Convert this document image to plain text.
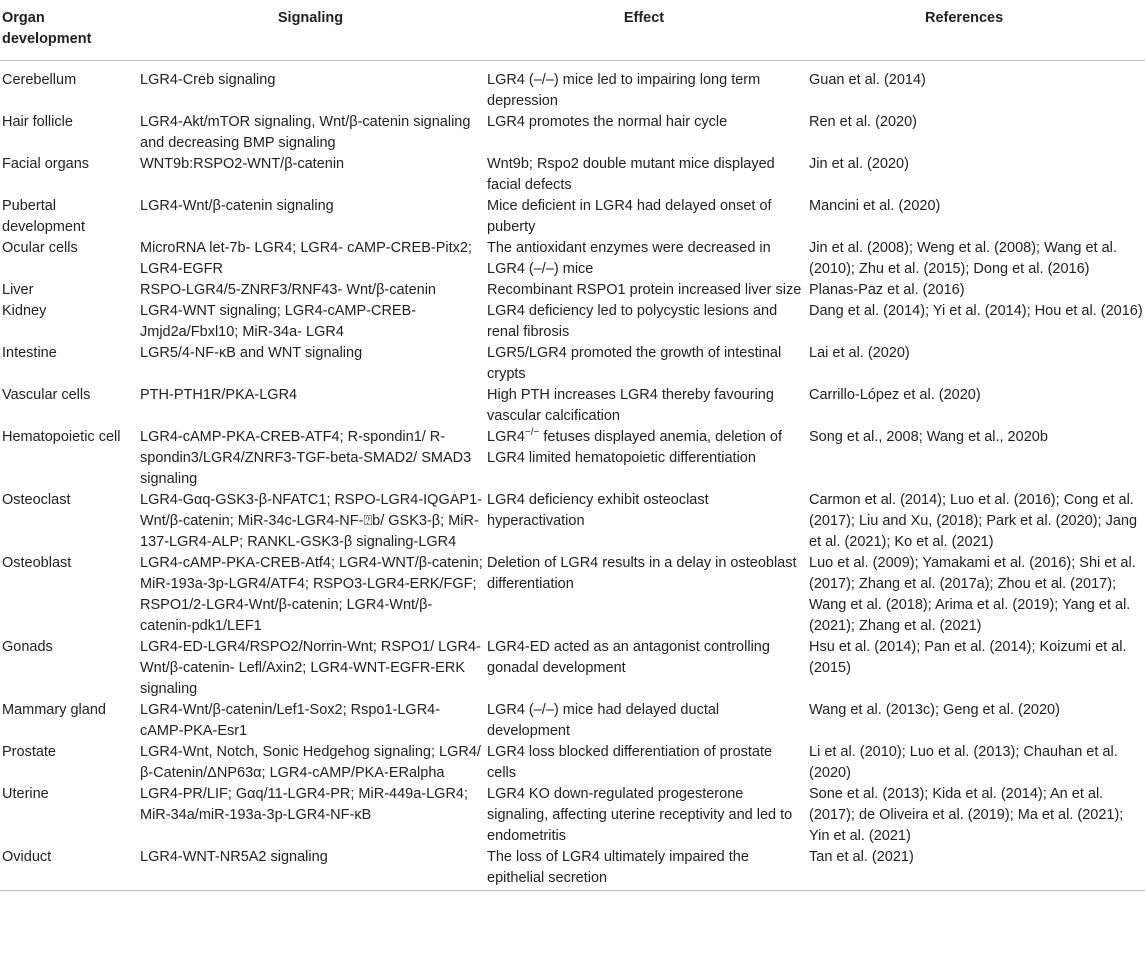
Organ development	Signaling	Effect	References
Cerebellum	LGR4-Creb signaling	LGR4 (–/–) mice led to impairing long term depression	Guan et al. (2014)
Hair follicle	LGR4-Akt/mTOR signaling, Wnt/β-catenin signaling and decreasing BMP signaling	LGR4 promotes the normal hair cycle	Ren et al. (2020)
Facial organs	WNT9b:RSPO2-WNT/β-catenin	Wnt9b; Rspo2 double mutant mice displayed facial defects	Jin et al. (2020)
Pubertal development	LGR4-Wnt/β-catenin signaling	Mice deficient in LGR4 had delayed onset of puberty	Mancini et al. (2020)
Ocular cells	MicroRNA let-7b- LGR4; LGR4- cAMP-CREB-Pitx2; LGR4-EGFR	The antioxidant enzymes were decreased in LGR4 (–/–) mice	Jin et al. (2008); Weng et al. (2008); Wang et al. (2010); Zhu et al. (2015); Dong et al. (2016)
Liver	RSPO-LGR4/5-ZNRF3/RNF43- Wnt/β-catenin	Recombinant RSPO1 protein increased liver size	Planas-Paz et al. (2016)
Kidney	LGR4-WNT signaling; LGR4-cAMP-CREB-Jmjd2a/Fbxl10; MiR-34a- LGR4	LGR4 deficiency led to polycystic lesions and renal fibrosis	Dang et al. (2014); Yi et al. (2014); Hou et al. (2016)
Intestine	LGR5/4-NF-κB and WNT signaling	LGR5/LGR4 promoted the growth of intestinal crypts	Lai et al. (2020)
Vascular cells	PTH-PTH1R/PKA-LGR4	High PTH increases LGR4 thereby favouring vascular calcification	Carrillo-López et al. (2020)
Hematopoietic cell	LGR4-cAMP-PKA-CREB-ATF4; R-spondin1/ R-spondin3/LGR4/ZNRF3-TGF-beta-SMAD2/ SMAD3 signaling	LGR4−/− fetuses displayed anemia, deletion of LGR4 limited hematopoietic differentiation	Song et al., 2008; Wang et al., 2020b
Osteoclast	LGR4-Gαq-GSK3-β-NFATC1; RSPO-LGR4-IQGAP1-Wnt/β-catenin; MiR-34c-LGR4-NF-⍰b/ GSK3-β; MiR-137-LGR4-ALP; RANKL-GSK3-β signaling-LGR4	LGR4 deficiency exhibit osteoclast hyperactivation	Carmon et al. (2014); Luo et al. (2016); Cong et al. (2017); Liu and Xu, (2018); Park et al. (2020); Jang et al. (2021); Ko et al. (2021)
Osteoblast	LGR4-cAMP-PKA-CREB-Atf4; LGR4-WNT/β-catenin; MiR-193a-3p-LGR4/ATF4; RSPO3-LGR4-ERK/FGF; RSPO1/2-LGR4-Wnt/β-catenin; LGR4-Wnt/β-catenin-pdk1/LEF1	Deletion of LGR4 results in a delay in osteoblast differentiation	Luo et al. (2009); Yamakami et al. (2016); Shi et al. (2017); Zhang et al. (2017a); Zhou et al. (2017); Wang et al. (2018); Arima et al. (2019); Yang et al. (2021); Zhang et al. (2021)
Gonads	LGR4-ED-LGR4/RSPO2/Norrin-Wnt; RSPO1/ LGR4-Wnt/β-catenin- Lefl/Axin2; LGR4-WNT-EGFR-ERK signaling	LGR4-ED acted as an antagonist controlling gonadal development	Hsu et al. (2014); Pan et al. (2014); Koizumi et al. (2015)
Mammary gland	LGR4-Wnt/β-catenin/Lef1-Sox2; Rspo1-LGR4-cAMP-PKA-Esr1	LGR4 (–/–) mice had delayed ductal development	Wang et al. (2013c); Geng et al. (2020)
Prostate	LGR4-Wnt, Notch, Sonic Hedgehog signaling; LGR4/β-Catenin/ΔNP63α; LGR4-cAMP/PKA-ERalpha	LGR4 loss blocked differentiation of prostate cells	Li et al. (2010); Luo et al. (2013); Chauhan et al. (2020)
Uterine	LGR4-PR/LIF; Gαq/11-LGR4-PR; MiR-449a-LGR4; MiR-34a/miR-193a-3p-LGR4-NF-κB	LGR4 KO down-regulated progesterone signaling, affecting uterine receptivity and led to endometritis	Sone et al. (2013); Kida et al. (2014); An et al. (2017); de Oliveira et al. (2019); Ma et al. (2021); Yin et al. (2021)
Oviduct	LGR4-WNT-NR5A2 signaling	The loss of LGR4 ultimately impaired the epithelial secretion	Tan et al. (2021)
